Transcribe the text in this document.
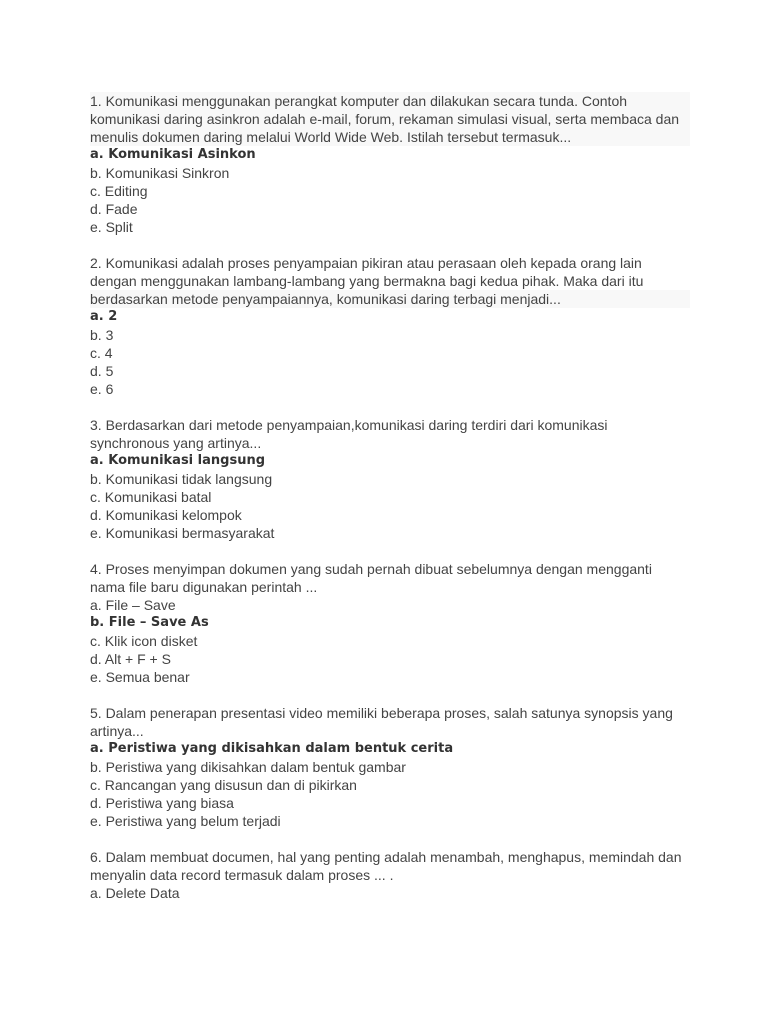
1. Komunikasi menggunakan perangkat komputer dan dilakukan secara tunda. Contoh komunikasi daring asinkron adalah e-mail, forum, rekaman simulasi visual, serta membaca dan menulis dokumen daring melalui World Wide Web. Istilah tersebut termasuk...

a. Komunikasi Asinkon

b. Komunikasi Sinkron

c. Editing

d. Fade

e. Split

2. Komunikasi adalah proses penyampaian pikiran atau perasaan oleh kepada orang lain dengan menggunakan lambang-lambang yang bermakna bagi kedua pihak. Maka dari itu berdasarkan metode penyampaiannya, komunikasi daring terbagi menjadi...

a. 2

b. 3

c. 4

d. 5

e. 6

3. Berdasarkan dari metode penyampaian,komunikasi daring terdiri dari komunikasi synchronous yang artinya...

a. Komunikasi langsung

b. Komunikasi tidak langsung

c. Komunikasi batal

d. Komunikasi kelompok

e. Komunikasi bermasyarakat

4. Proses menyimpan dokumen yang sudah pernah dibuat sebelumnya dengan mengganti nama file baru digunakan perintah ...

a. File – Save

b. File – Save As

c. Klik icon disket

d. Alt + F + S

e. Semua benar

5. Dalam penerapan presentasi video memiliki beberapa proses, salah satunya synopsis yang artinya...

a. Peristiwa yang dikisahkan dalam bentuk cerita

b. Peristiwa yang dikisahkan dalam bentuk gambar

c. Rancangan yang disusun dan di pikirkan

d. Peristiwa yang biasa

e. Peristiwa yang belum terjadi

6. Dalam membuat documen, hal yang penting adalah menambah, menghapus, memindah dan menyalin data record termasuk dalam proses ... .

a. Delete Data
